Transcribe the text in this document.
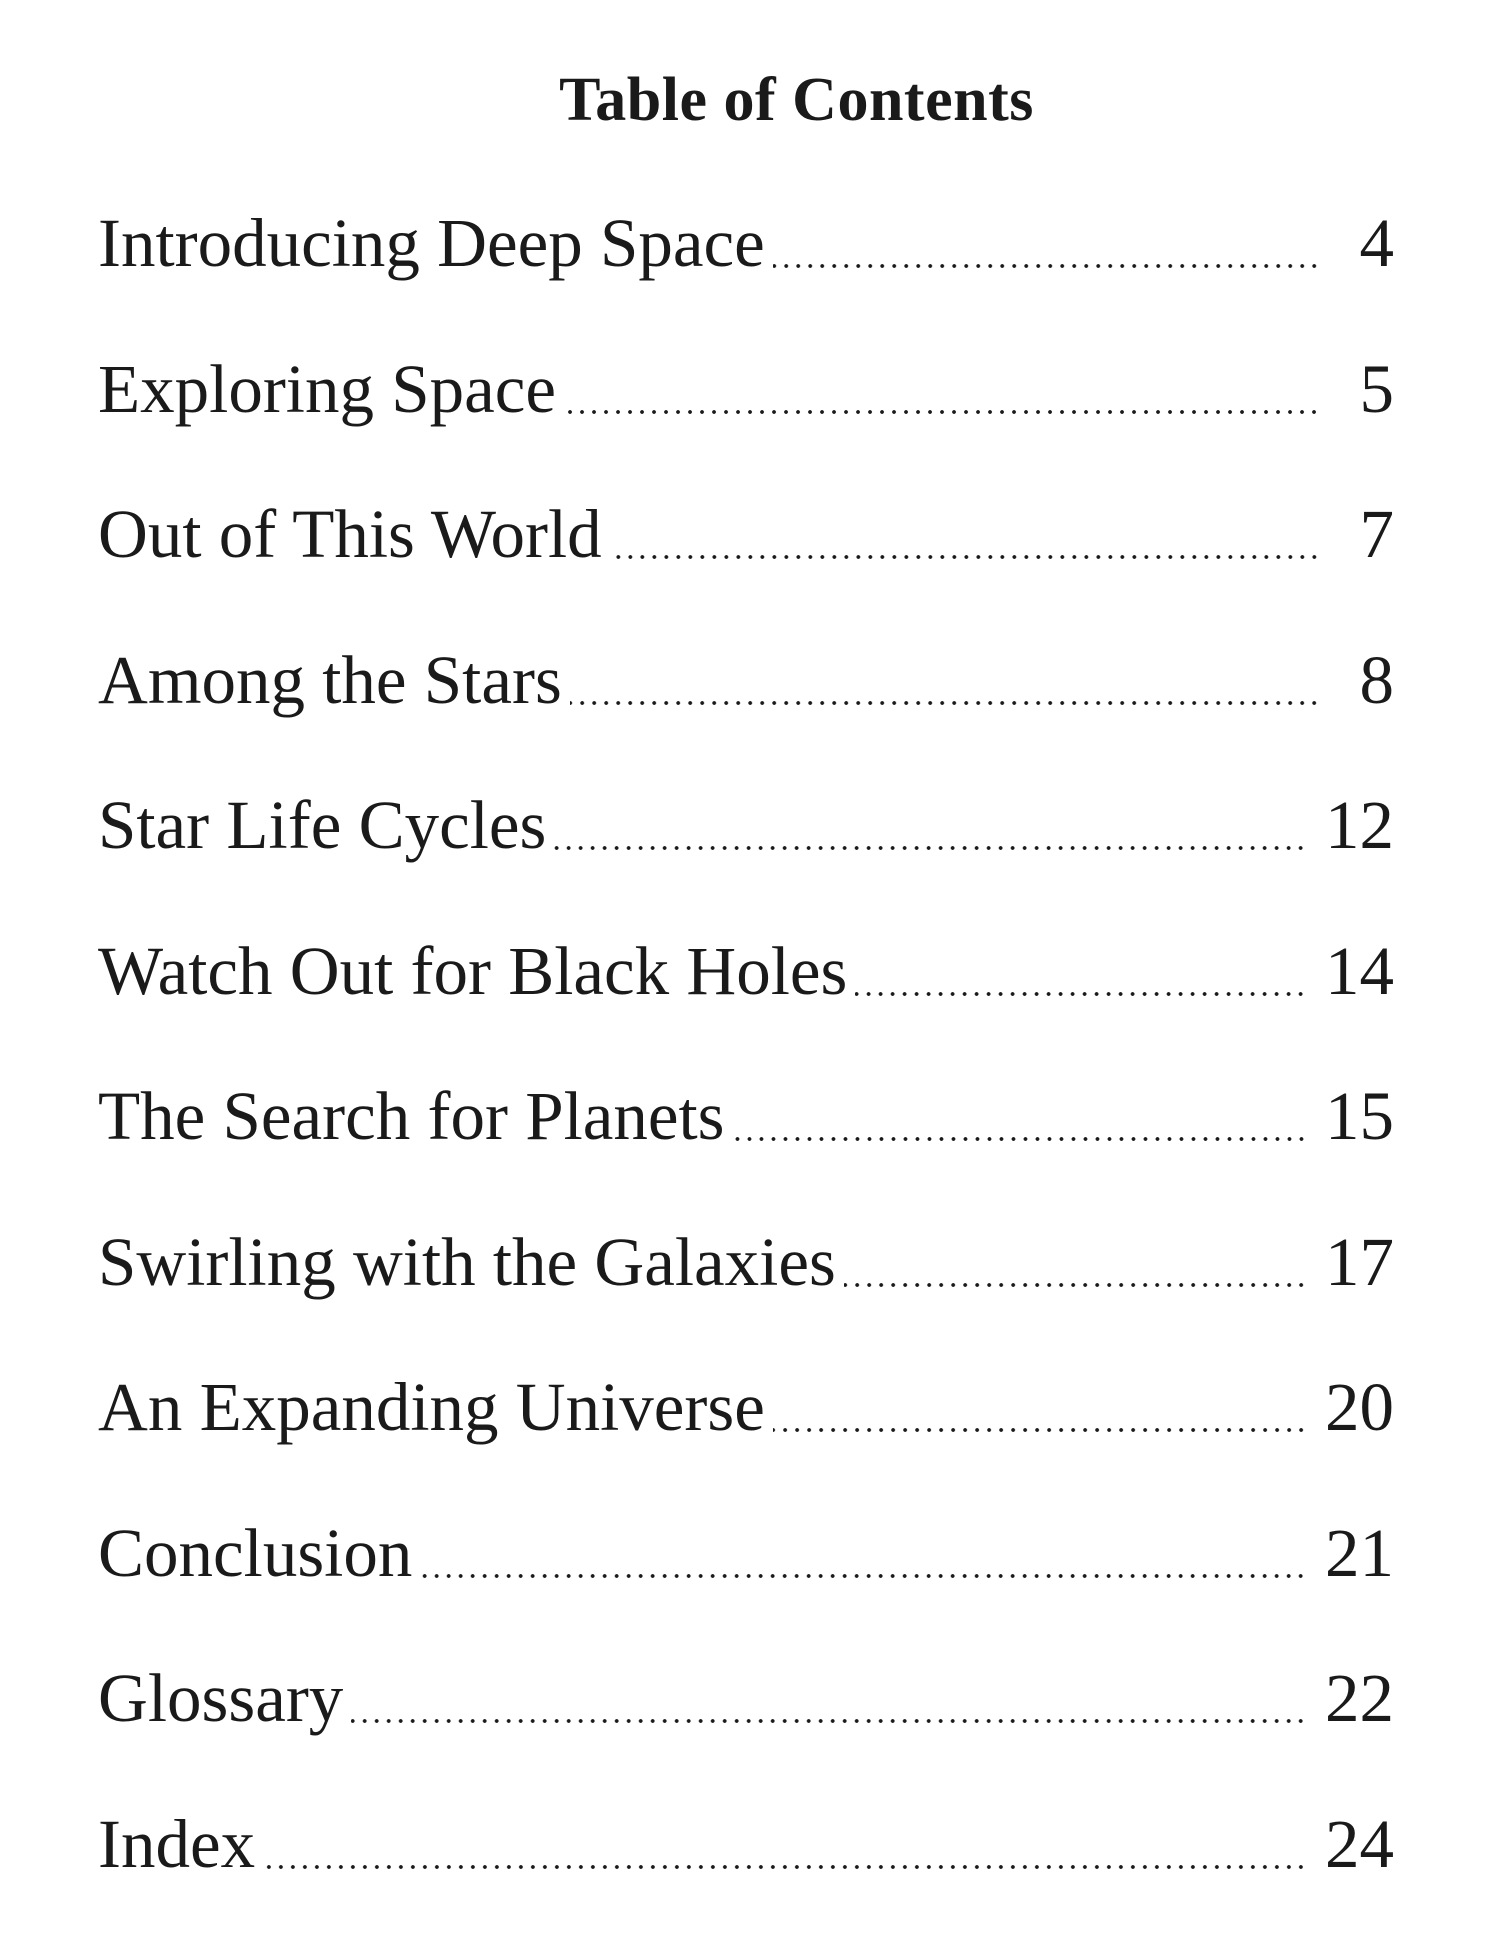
Table of Contents
Introducing Deep Space	4
Exploring Space	5
Out of This World	7
Among the Stars	8
Star Life Cycles	12
Watch Out for Black Holes	14
The Search for Planets	15
Swirling with the Galaxies	17
An Expanding Universe	20
Conclusion	21
Glossary	22
Index	24
